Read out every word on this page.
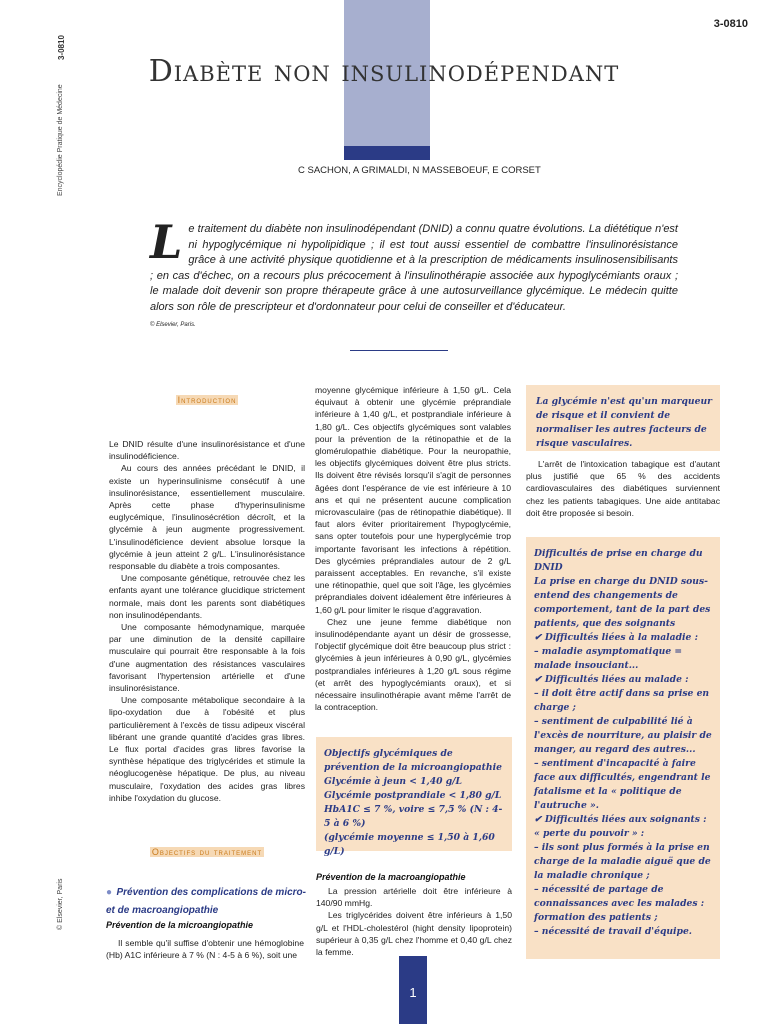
3-0810
Encyclopédie Pratique de Médecine
3-0810
© Elsevier, Paris
Diabète non insulinodépendant
C SACHON, A GRIMALDI, N MASSEBOEUF, E CORSET
Le traitement du diabète non insulinodépendant (DNID) a connu quatre évolutions. La diététique n'est ni hypoglycémique ni hypolipidique ; il est tout aussi essentiel de combattre l'insulinorésistance grâce à une activité physique quotidienne et à la prescription de médicaments insulinosensibilisants ; en cas d'échec, on a recours plus précocement à l'insulinothérapie associée aux hypoglycémiants oraux ; le malade doit devenir son propre thérapeute grâce à une autosurveillance glycémique. Le médecin quitte alors son rôle de prescripteur et d'ordonnateur pour celui de conseiller et d'éducateur.
© Elsevier, Paris.
Introduction

Le DNID résulte d'une insulinorésistance et d'une insulinodéficience.

Au cours des années précédant le DNID, il existe un hyperinsulinisme consécutif à une insulinorésistance, essentiellement musculaire. Après cette phase d'hyperinsulinisme euglycémique, l'insulinosécrétion décroît, et la glycémie à jeun augmente progressivement. L'insulinodéficience devient absolue lorsque la glycémie à jeun atteint 2 g/L. L'insulinorésistance responsable du diabète a trois composantes.

Une composante génétique, retrouvée chez les enfants ayant une tolérance glucidique strictement normale, mais dont les parents sont diabétiques non insulinodépendants.

Une composante hémodynamique, marquée par une diminution de la densité capillaire musculaire qui pourrait être responsable à la fois d'une augmentation des résistances vasculaires favorisant l'hypertension artérielle et d'une insulinorésistance.

Une composante métabolique secondaire à la lipo-oxydation due à l'obésité et plus particulièrement à l'excès de tissu adipeux viscéral libérant une grande quantité d'acides gras libres. Le flux portal d'acides gras libres favorise la synthèse hépatique des triglycérides et stimule la néoglucogenèse hépatique. De plus, au niveau musculaire, l'oxydation des acides gras libres inhibe l'oxydation du glucose.

Objectifs du traitement
● Prévention des complications de micro- et de macroangiopathie
Prévention de la microangiopathie

Il semble qu'il suffise d'obtenir une hémoglobine (Hb) A1C inférieure à 7 % (N : 4-5 à 6 %), soit une

moyenne glycémique inférieure à 1,50 g/L. Cela équivaut à obtenir une glycémie préprandiale inférieure à 1,40 g/L, et postprandiale inférieure à 1,80 g/L. Ces objectifs glycémiques sont valables pour la prévention de la rétinopathie et de la glomérulopathie diabétique. Pour la neuropathie, les objectifs glycémiques doivent être plus stricts. Ils doivent être révisés lorsqu'il s'agit de personnes âgées dont l'espérance de vie est inférieure à 10 ans et qui ne présentent aucune complication microvasculaire (pas de rétinopathie diabétique). Il faut alors éviter prioritairement l'hypoglycémie, sans opter toutefois pour une hyperglycémie trop importante favorisant les infections à répétition. Des glycémies préprandiales autour de 2 g/L paraissent acceptables. En revanche, s'il existe une rétinopathie, quel que soit l'âge, les glycémies préprandiales doivent idéalement être inférieures à 1,60 g/L pour limiter le risque d'aggravation.

Chez une jeune femme diabétique non insulinodépendante ayant un désir de grossesse, l'objectif glycémique doit être beaucoup plus strict : glycémies à jeun inférieures à 0,90 g/L, glycémies postprandiales inférieures à 1,20 g/L sous régime (et arrêt des hypoglycémiants oraux), et si nécessaire insulinothérapie avant même l'arrêt de la contraception.

Objectifs glycémiques de prévention de la microangiopathie
Glycémie à jeun < 1,40 g/L
Glycémie postprandiale < 1,80 g/L
HbA1C ≤ 7 %, voire ≤ 7,5 % (N : 4-5 à 6 %)
(glycémie moyenne ≤ 1,50 à 1,60 g/L)
Prévention de la macroangiopathie

La pression artérielle doit être inférieure à 140/90 mmHg.

Les triglycérides doivent être inférieurs à 1,50 g/L et l'HDL-cholestérol (hight density lipoprotein) supérieur à 0,35 g/L chez l'homme et 0,40 g/L chez la femme.

La glycémie n'est qu'un marqueur de risque et il convient de normaliser les autres facteurs de risque vasculaires.

L'arrêt de l'intoxication tabagique est d'autant plus justifié que 65 % des accidents cardiovasculaires des diabétiques surviennent chez les patients tabagiques. Une aide antitabac doit être proposée si besoin.

Difficultés de prise en charge du DNID
La prise en charge du DNID sous-entend des changements de comportement, tant de la part des patients, que des soignants
✔ Difficultés liées à la maladie :
– maladie asymptomatique = malade insouciant...
✔ Difficultés liées au malade :
– il doit être actif dans sa prise en charge ;
– sentiment de culpabilité lié à l'excès de nourriture, au plaisir de manger, au regard des autres...
– sentiment d'incapacité à faire face aux difficultés, engendrant le fatalisme et la « politique de l'autruche ».
✔ Difficultés liées aux soignants :
« perte du pouvoir » :
– ils sont plus formés à la prise en charge de la maladie aiguë que de la maladie chronique ;
– nécessité de partage de connaissances avec les malades : formation des patients ;
– nécessité de travail d'équipe.
1
